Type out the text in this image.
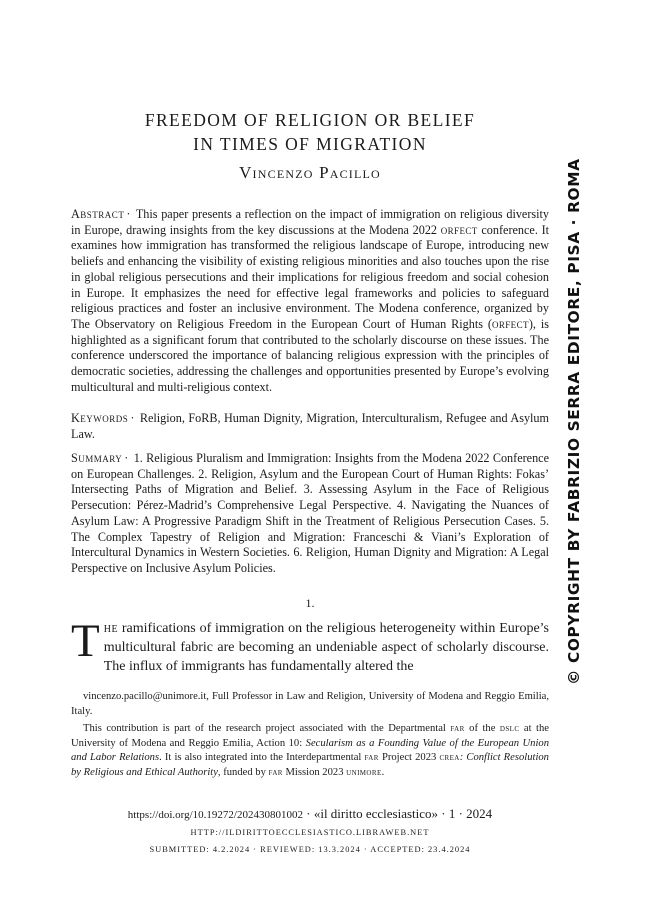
FREEDOM OF RELIGION OR BELIEF
IN TIMES OF MIGRATION
Vincenzo Pacillo
Abstract · This paper presents a reflection on the impact of immigration on religious diversity in Europe, drawing insights from the key discussions at the Modena 2022 orfect conference. It examines how immigration has transformed the religious landscape of Europe, introducing new beliefs and enhancing the visibility of existing religious minorities and also touches upon the rise in global religious persecutions and their implications for religious freedom and social cohesion in Europe. It emphasizes the need for effective legal frameworks and policies to safeguard religious practices and foster an inclusive environment. The Modena conference, organized by The Observatory on Religious Freedom in the European Court of Human Rights (orfect), is highlighted as a significant forum that contributed to the scholarly discourse on these issues. The conference underscored the importance of balancing religious expression with the principles of democratic societies, addressing the challenges and opportunities presented by Europe’s evolving multicultural and multi-religious context.
Keywords · Religion, FoRB, Human Dignity, Migration, Interculturalism, Refugee and Asylum Law.
Summary · 1. Religious Pluralism and Immigration: Insights from the Modena 2022 Conference on European Challenges. 2. Religion, Asylum and the European Court of Human Rights: Fokas’ Intersecting Paths of Migration and Belief. 3. Assessing Asylum in the Face of Religious Persecution: Pérez-Madrid’s Comprehensive Legal Perspective. 4. Navigating the Nuances of Asylum Law: A Progressive Paradigm Shift in the Treatment of Religious Persecution Cases. 5. The Complex Tapestry of Religion and Migration: Franceschi & Viani’s Exploration of Intercultural Dynamics in Western Societies. 6. Religion, Human Dignity and Migration: A Legal Perspective on Inclusive Asylum Policies.
1.
The ramifications of immigration on the religious heterogeneity within Europe’s multicultural fabric are becoming an undeniable aspect of scholarly discourse. The influx of immigrants has fundamentally altered the

vincenzo.pacillo@unimore.it, Full Professor in Law and Religion, University of Modena and Reggio Emilia, Italy.

This contribution is part of the research project associated with the Departmental far of the dslc at the University of Modena and Reggio Emilia, Action 10: Secularism as a Founding Value of the European Union and Labor Relations. It is also integrated into the Interdepartmental far Project 2023 crea: Conflict Resolution by Religious and Ethical Authority, funded by far Mission 2023 unimore.

https://doi.org/10.19272/202430801002 · «il diritto ecclesiastico» · 1 · 2024
HTTP://ILDIRITTOECCLESIASTICO.LIBRAWEB.NET
SUBMITTED: 4.2.2024 · REVIEWED: 13.3.2024 · ACCEPTED: 23.4.2024
© COPYRIGHT BY FABRIZIO SERRA EDITORE, PISA · ROMA
